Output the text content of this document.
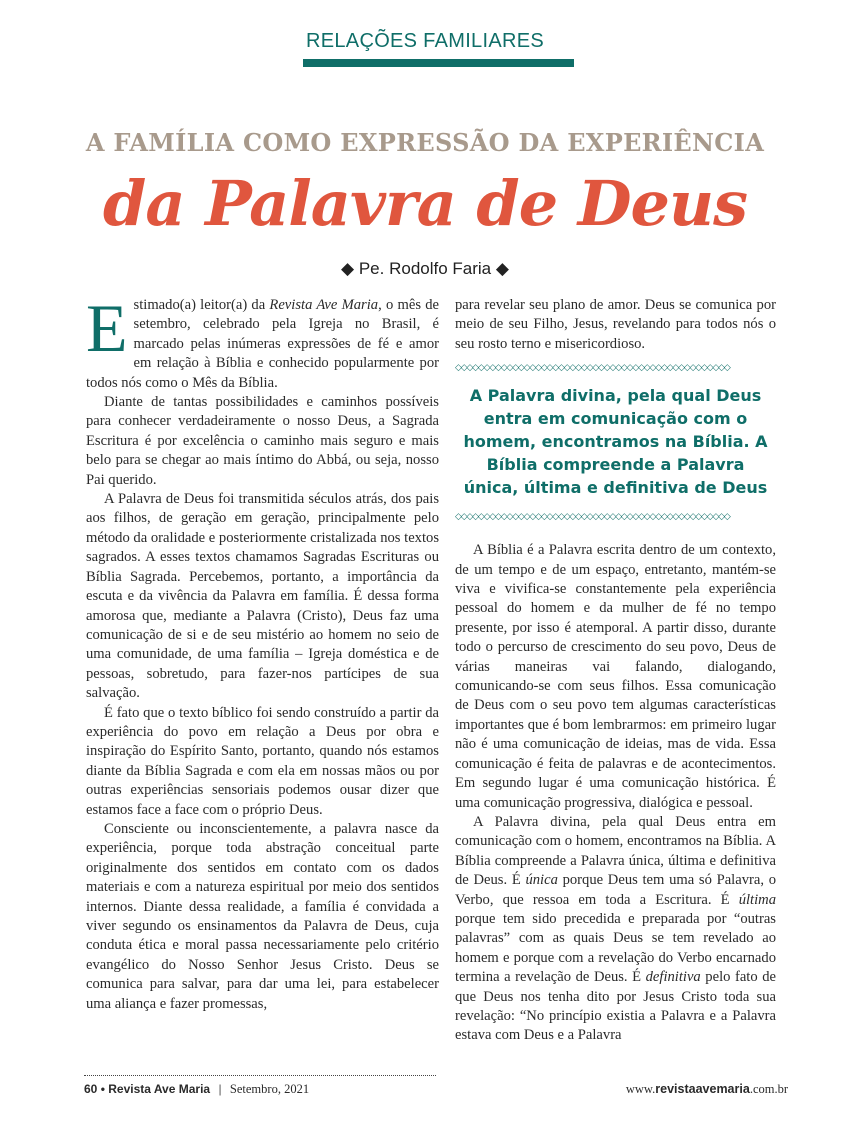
RELAÇÕES FAMILIARES
A FAMÍLIA COMO EXPRESSÃO DA EXPERIÊNCIA
da Palavra de Deus
◆ Pe. Rodolfo Faria ◆

Estimado(a) leitor(a) da Revista Ave Maria, o mês de setembro, celebrado pela Igreja no Brasil, é marcado pelas inúmeras expressões de fé e amor em relação à Bíblia e conhecido popularmente por todos nós como o Mês da Bíblia.

Diante de tantas possibilidades e caminhos possíveis para conhecer verdadeiramente o nosso Deus, a Sagrada Escritura é por excelência o caminho mais seguro e mais belo para se chegar ao mais íntimo do Abbá, ou seja, nosso Pai querido.

A Palavra de Deus foi transmitida séculos atrás, dos pais aos filhos, de geração em geração, principalmente pelo método da oralidade e posteriormente cristalizada nos textos sagrados. A esses textos chamamos Sagradas Escrituras ou Bíblia Sagrada. Percebemos, portanto, a importância da escuta e da vivência da Palavra em família. É dessa forma amorosa que, mediante a Palavra (Cristo), Deus faz uma comunicação de si e de seu mistério ao homem no seio de uma comunidade, de uma família – Igreja doméstica e de pessoas, sobretudo, para fazer-nos partícipes de sua salvação.

É fato que o texto bíblico foi sendo construído a partir da experiência do povo em relação a Deus por obra e inspiração do Espírito Santo, portanto, quando nós estamos diante da Bíblia Sagrada e com ela em nossas mãos ou por outras experiências sensoriais podemos ousar dizer que estamos face a face com o próprio Deus.

Consciente ou inconscientemente, a palavra nasce da experiência, porque toda abstração conceitual parte originalmente dos sentidos em contato com os dados materiais e com a natureza espiritual por meio dos sentidos internos. Diante dessa realidade, a família é convidada a viver segundo os ensinamentos da Palavra de Deus, cuja conduta ética e moral passa necessariamente pelo critério evangélico do Nosso Senhor Jesus Cristo. Deus se comunica para salvar, para dar uma lei, para estabelecer uma aliança e fazer promessas,

para revelar seu plano de amor. Deus se comunica por meio de seu Filho, Jesus, revelando para todos nós o seu rosto terno e misericordioso.

◇◇◇◇◇◇◇◇◇◇◇◇◇◇◇◇◇◇◇◇◇◇◇◇◇◇◇◇◇◇◇◇◇◇◇◇◇◇◇◇◇◇◇◇◇◇◇◇
A Palavra divina, pela qual Deus entra em comunicação com o homem, encontramos na Bíblia. A Bíblia compreende a Palavra única, última e definitiva de Deus
◇◇◇◇◇◇◇◇◇◇◇◇◇◇◇◇◇◇◇◇◇◇◇◇◇◇◇◇◇◇◇◇◇◇◇◇◇◇◇◇◇◇◇◇◇◇◇◇

A Bíblia é a Palavra escrita dentro de um contexto, de um tempo e de um espaço, entretanto, mantém-se viva e vivifica-se constantemente pela experiência pessoal do homem e da mulher de fé no tempo presente, por isso é atemporal. A partir disso, durante todo o percurso de crescimento do seu povo, Deus de várias maneiras vai falando, dialogando, comunicando-se com seus filhos. Essa comunicação de Deus com o seu povo tem algumas características importantes que é bom lembrarmos: em primeiro lugar não é uma comunicação de ideias, mas de vida. Essa comunicação é feita de palavras e de acontecimentos. Em segundo lugar é uma comunicação histórica. É uma comunicação progressiva, dialógica e pessoal.

A Palavra divina, pela qual Deus entra em comunicação com o homem, encontramos na Bíblia. A Bíblia compreende a Palavra única, última e definitiva de Deus. É única porque Deus tem uma só Palavra, o Verbo, que ressoa em toda a Escritura. É última porque tem sido precedida e preparada por “outras palavras” com as quais Deus se tem revelado ao homem e porque com a revelação do Verbo encarnado termina a revelação de Deus. É definitiva pelo fato de que Deus nos tenha dito por Jesus Cristo toda sua revelação: “No princípio existia a Palavra e a Palavra estava com Deus e a Palavra

60 • Revista Ave Maria | Setembro, 2021	www.revistaavemaria.com.br
